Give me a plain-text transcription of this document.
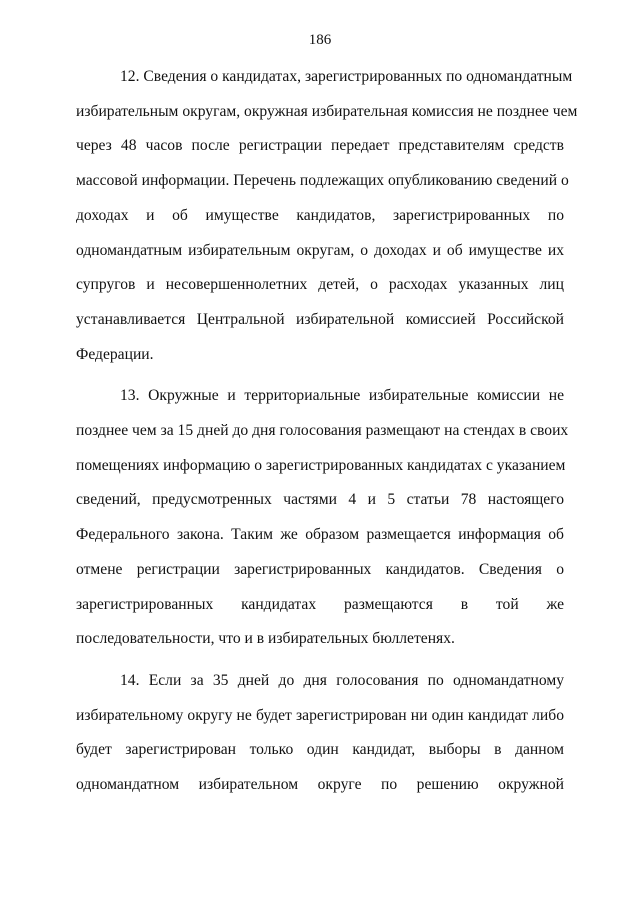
186

12. Сведения о кандидатах, зарегистрированных по одномандатным
избирательным округам, окружная избирательная комиссия не позднее чем
через 48 часов после регистрации передает представителям средств
массовой информации. Перечень подлежащих опубликованию сведений о
доходах и об имуществе кандидатов, зарегистрированных по
одномандатным избирательным округам, о доходах и об имуществе их
супругов и несовершеннолетних детей, о расходах указанных лиц
устанавливается Центральной избирательной комиссией Российской
Федерации.

13. Окружные и территориальные избирательные комиссии не
позднее чем за 15 дней до дня голосования размещают на стендах в своих
помещениях информацию о зарегистрированных кандидатах с указанием
сведений, предусмотренных частями 4 и 5 статьи 78 настоящего
Федерального закона. Таким же образом размещается информация об
отмене регистрации зарегистрированных кандидатов. Сведения о
зарегистрированных кандидатах размещаются в той же
последовательности, что и в избирательных бюллетенях.

14. Если за 35 дней до дня голосования по одномандатному
избирательному округу не будет зарегистрирован ни один кандидат либо
будет зарегистрирован только один кандидат, выборы в данном
одномандатном избирательном округе по решению окружной
